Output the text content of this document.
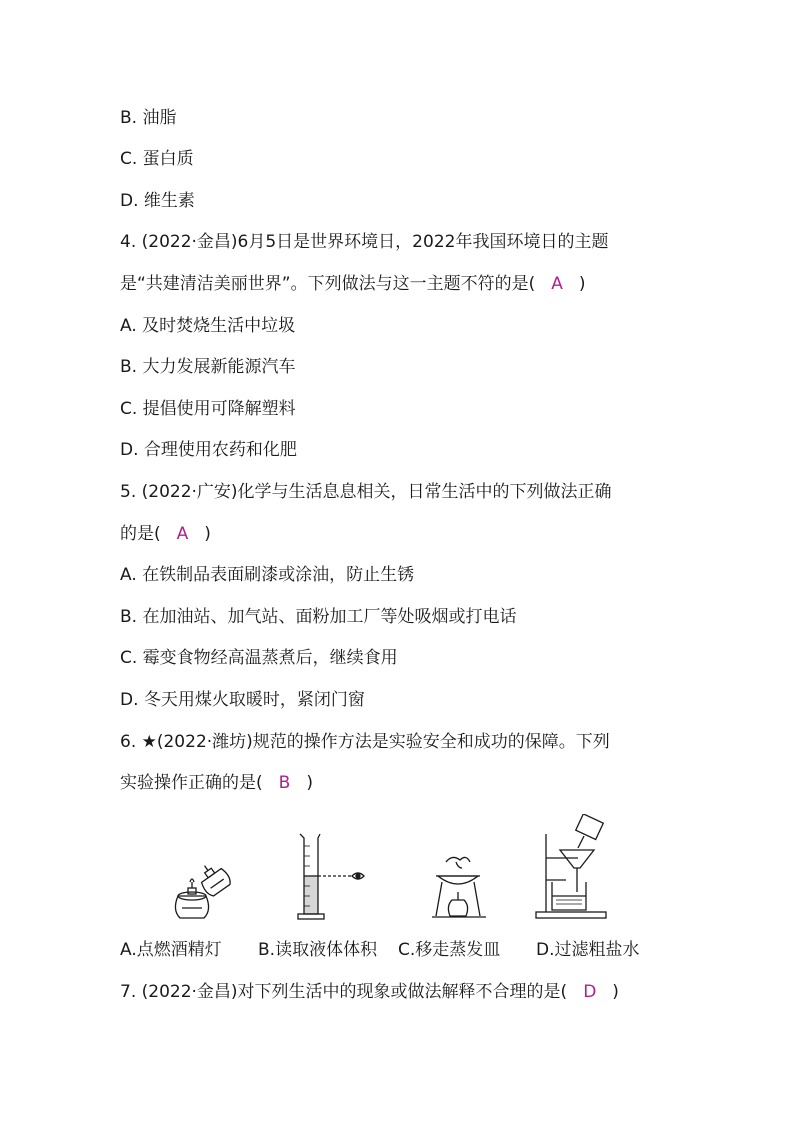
B. 油脂
C. 蛋白质
D. 维生素
4. (2022·金昌)6月5日是世界环境日，2022年我国环境日的主题
是“共建清洁美丽世界”。下列做法与这一主题不符的是( A )
A. 及时焚烧生活中垃圾
B. 大力发展新能源汽车
C. 提倡使用可降解塑料
D. 合理使用农药和化肥
5. (2022·广安)化学与生活息息相关，日常生活中的下列做法正确
的是( A )
A. 在铁制品表面刷漆或涂油，防止生锈
B. 在加油站、加气站、面粉加工厂等处吸烟或打电话
C. 霉变食物经高温蒸煮后，继续食用
D. 冬天用煤火取暖时，紧闭门窗
6. ★(2022·潍坊)规范的操作方法是实验安全和成功的保障。下列
实验操作正确的是( B )
A.点燃酒精灯 B.读取液体体积 C.移走蒸发皿 D.过滤粗盐水
7. (2022·金昌)对下列生活中的现象或做法解释不合理的是( D )
